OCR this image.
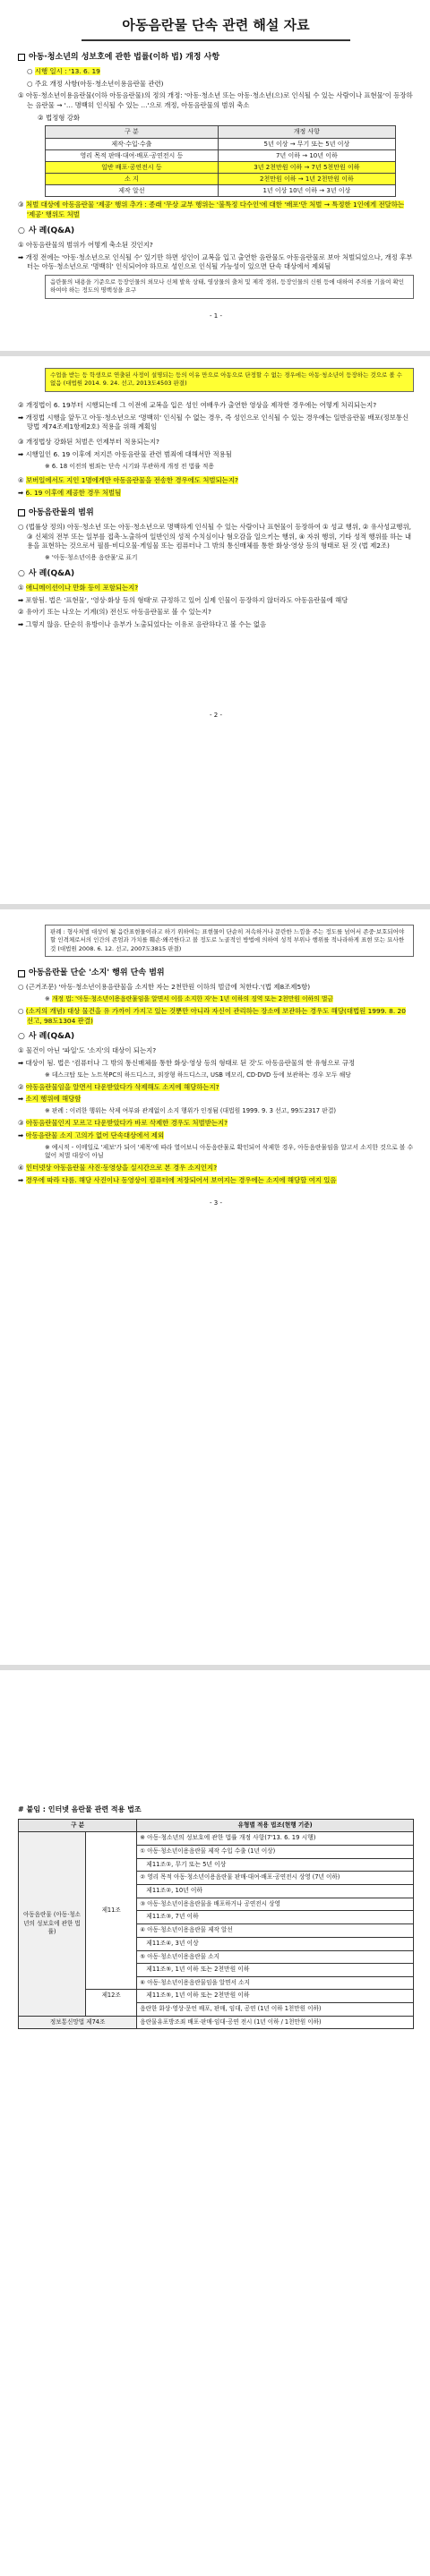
아동음란물 단속 관련 해설 자료
아동·청소년의 성보호에 관한 법률(이하 법) 개정 사항
○ 시행 일시 : '13. 6. 19
○ 주요 개정 사항(아동·청소년이용음란물 관련)
① 아동·청소년이용음란물(이하 아동음란물)의 정의 개정: '아동·청소년 또는 아동·청소년(으)로 인식될 수 있는 사람이나 표현물'이 등장하는 음란물 → '… 명백히 인식될 수 있는 …'으로 개정, 아동음란물의 범위 축소
② 법정형 강화
구 분	개정 사항
제작·수입·수출	5년 이상 → 무기 또는 5년 이상
영리 목적 판매·대여·배포·공연전시 등	7년 이하 → 10년 이하
일반 배포·공연전시 등	3년 2천만원 이하 → 7년 5천만원 이하
소 지	2천만원 이하 → 1년 2천만원 이하
제작 알선	1년 이상 10년 이하 → 3년 이상
③ 처벌 대상에 아동음란물 '제공' 행위 추가 : 종래 '무상 교부 행위는 '불특정 다수인'에 대한 '배포'만 처벌 → 특정한 1인에게 전달하는 '제공' 행위도 처벌
○ 사 례(Q&A)
① 아동음란물의 범위가 어떻게 축소된 것인지?
➡ 개정 전에는 '아동·청소년으로 인식될 수' 있기만 하면 성인이 교복을 입고 출연한 음란물도 아동음란물로 보아 처벌되었으나, 개정 후부터는 아동·청소년으로 '명백히' 인식되어야 하므로 성인으로 인식될 가능성이 있으면 단속 대상에서 제외됨
음란물의 내용을 기준으로 등장인물의 외모나 신체 발육 상태, 영상물의 출처 및 제작 경위, 등장인물의 신원 등에 대하여 주의를 기울여 확인하여야 하는 정도의 명백성을 요구
- 1 -
수업을 받는 등 학생으로 연출된 사정이 설명되는 등의 이유 만으로 아동으로 단정할 수 없는 경우에는 아동·청소년이 등장하는 것으로 볼 수 없음 (대법원 2014. 9. 24. 선고, 2013도4503 판결)
② 개정법이 6. 19부터 시행되는데 그 이전에 교복을 입은 성인 여배우가 출연한 영상을 제작한 경우에는 어떻게 처리되는지?
➡ 개정법 시행을 앞두고 아동·청소년으로 '명백히' 인식될 수 없는 경우, 즉 성인으로 인식될 수 있는 경우에는 일반음란물 배포(정보통신망법 제74조제1항제2호) 적용을 위해 계획임
③ 개정법상 강화된 처벌은 언제부터 적용되는지?
➡ 시행일인 6. 19 이후에 저지른 아동음란물 관련 범죄에 대해서만 적용됨
※ 6. 18 이전의 범죄는 단속 시기와 무관하게 개정 전 법률 적용
④ 보버일에서도 지인 1명에게만 아동음란물을 전송한 경우에도 처벌되는지?
➡ 6. 19 이후에 제공한 경우 처벌됨
아동음란물의 범위
○ (법률상 정의) 아동·청소년 또는 아동·청소년으로 명백하게 인식될 수 있는 사람이나 표현물이 등장하여 ① 성교 행위, ② 유사성교행위, ③ 신체의 전부 또는 일부를 접촉·노출하여 일반인의 성적 수치심이나 혐오감을 일으키는 행위, ④ 자위 행위, 기타 성적 행위를 하는 내용을 표현하는 것으로서 필름·비디오물·게임물 또는 컴퓨터나 그 밖의 통신매체를 통한 화상·영상 등의 형태로 된 것 (법 제2조)
※ '아동·청소년이용 음란물'로 표기
○ 사 례(Q&A)
① 애니메이션이나 만화 등이 포함되는지?
➡ 포함됨. 법은 '표현물', '영상·화상 등의 형태'로 규정하고 있어 실제 인물이 등장하지 않더라도 아동음란물에 해당
② 유아기 또는 나오는 기계(의) 전신도 아동음란물로 볼 수 있는지?
➡ 그렇지 않음. 단순히 유방이나 음부가 노출되었다는 이유로 음란하다고 볼 수는 없음
- 2 -
판례 : 형사처벌 대상이 될 음란표현물이라고 하기 위하여는 표현물이 단순히 저속하거나 문란한 느낌을 주는 정도를 넘어서 존중·보호되어야 할 인격체로서의 인간의 존엄과 가치를 훼손·왜곡한다고 볼 정도로 노골적인 방법에 의하여 성적 부위나 행위를 적나라하게 표현 또는 묘사한 것 (대법원 2008. 6. 12. 선고, 2007도3815 판결)
아동음란물 단순 '소지' 행위 단속 범위
○ (근거조문) '아동·청소년이용음란물을 소지한 자는 2천만원 이하의 벌금에 처한다.'(법 제8조제5항)
※ 개정 법: '아동·청소년이용음란물임을 알면서 이를 소지한 자'는 1년 이하의 징역 또는 2천만원 이하의 벌금
○ (소지의 개념) 대상 물건을 유 가까이 가지고 있는 것뿐만 아니라 자신이 관리하는 장소에 보관하는 경우도 해당(대법원 1999. 8. 20 선고, 98도1304 판결)
○ 사 례(Q&A)
① 물건이 아닌 '파일'도 '소지'의 대상이 되는지?
➡ 대상이 됨. 법은 '컴퓨터나 그 밖의 통신매체를 통한 화상·영상 등의 형태로 된 것'도 아동음란물의 한 유형으로 규정
※ 데스크탑 또는 노트북PC의 하드디스크, 외장형 하드디스크, USB 메모리, CD·DVD 등에 보관하는 경우 모두 해당
② 아동음란물임을 알면서 다운받았다가 삭제해도 소지에 해당하는지?
➡ 소지 행위에 해당함
※ 판례 : 이러한 행위는 삭제 여부와 관계없이 소지 행위가 인정됨 (대법원 1999. 9. 3 선고, 99도2317 판결)
③ 아동음란물인지 모르고 다운받았다가 바로 삭제한 경우도 처벌받는지?
➡ 아동음란물 소지 고의가 없어 단속대상에서 제외
※ 예시적 - 이메일로 '제보'가 되어 '제목'에 따라 열어보니 아동음란물로 확인되어 삭제한 경우, 아동음란물임을 알고서 소지한 것으로 볼 수 없어 처벌 대상이 아님
④ 인터넷상 아동음란물 사진·동영상을 실시간으로 본 경우 소지인지?
➡ 경우에 따라 다름. 해당 사진이나 동영상이 컴퓨터에 저장되어서 보여지는 경우에는 소지에 해당할 여지 있음
- 3 -
# 붙임 : 인터넷 음란물 관련 적용 법조
구 분		유형별 적용 법조(현행 기준)
아동음란물 (아동·청소년의 성보호에 관한 법률)	제11조	※ 아동·청소년의 성보호에 관한 법률 개정 사항(7'13. 6. 19 시행)
		① 아동·청소년이용음란물 제작 수입 수출 (1년 이상)
		제11조①, 무기 또는 5년 이상
		② 영리 목적 아동·청소년이용음란물 판매·대여·배포·공연전시 상영 (7년 이하)
		제11조②, 10년 이하
		③ 아동·청소년이용음란물을 배포하거나 공연전시 상영
		제11조③, 7년 이하
		④ 아동·청소년이용음란물 제작 알선
		제11조④, 3년 이상
		⑤ 아동·청소년이용음란물 소지
		제11조⑤, 1년 이하 또는 2천만원 이하
		⑥ 아동·청소년이용음란물임을 알면서 소지
	제12조	제11조⑤, 1년 이하 또는 2천만원 이하
		음란한 화상·영상·문언 배포, 판매, 임대, 공연 (1년 이하 1천만원 이하)
정보통신망법 제74조		음란물유포방조죄 배포·판매·임대·공연 전시 (1년 이하 / 1천만원 이하)
